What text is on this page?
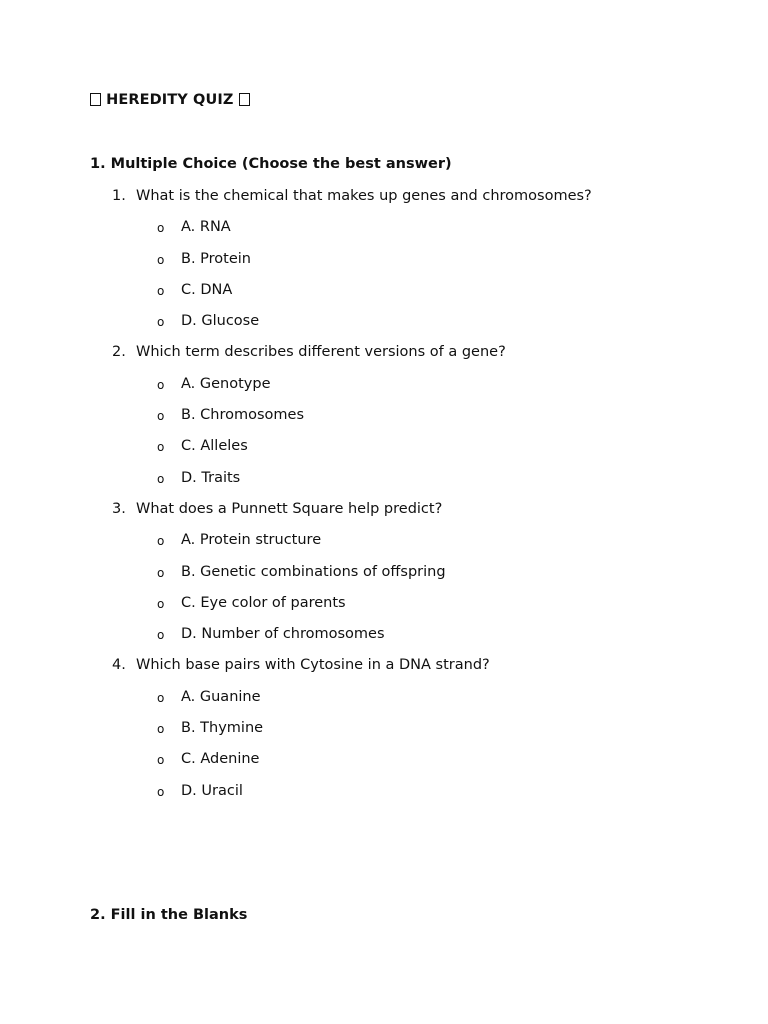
HEREDITY QUIZ
1. Multiple Choice (Choose the best answer)
1. What is the chemical that makes up genes and chromosomes?
o A. RNA
o B. Protein
o C. DNA
o D. Glucose
2. Which term describes different versions of a gene?
o A. Genotype
o B. Chromosomes
o C. Alleles
o D. Traits
3. What does a Punnett Square help predict?
o A. Protein structure
o B. Genetic combinations of offspring
o C. Eye color of parents
o D. Number of chromosomes
4. Which base pairs with Cytosine in a DNA strand?
o A. Guanine
o B. Thymine
o C. Adenine
o D. Uracil
2. Fill in the Blanks
